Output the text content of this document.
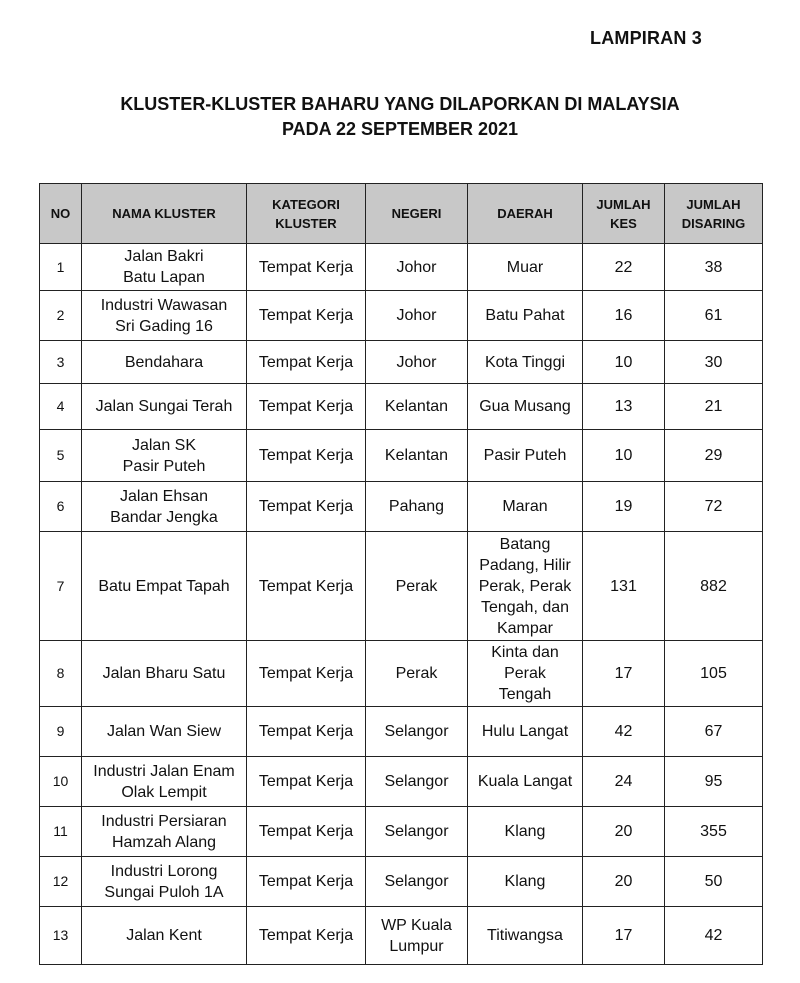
LAMPIRAN 3
KLUSTER-KLUSTER BAHARU YANG DILAPORKAN DI MALAYSIA
PADA 22 SEPTEMBER 2021
NO	NAMA KLUSTER	KATEGORI
KLUSTER	NEGERI	DAERAH	JUMLAH
KES	JUMLAH
DISARING

1	Jalan Bakri
Batu Lapan	Tempat Kerja	Johor	Muar	22	38
2	Industri Wawasan
Sri Gading 16	Tempat Kerja	Johor	Batu Pahat	16	61
3	Bendahara	Tempat Kerja	Johor	Kota Tinggi	10	30
4	Jalan Sungai Terah	Tempat Kerja	Kelantan	Gua Musang	13	21
5	Jalan SK
Pasir Puteh	Tempat Kerja	Kelantan	Pasir Puteh	10	29
6	Jalan Ehsan
Bandar Jengka	Tempat Kerja	Pahang	Maran	19	72
7	Batu Empat Tapah	Tempat Kerja	Perak	Batang
Padang, Hilir
Perak, Perak
Tengah, dan
Kampar	131	882
8	Jalan Bharu Satu	Tempat Kerja	Perak	Kinta dan
Perak
Tengah	17	105
9	Jalan Wan Siew	Tempat Kerja	Selangor	Hulu Langat	42	67
10	Industri Jalan Enam
Olak Lempit	Tempat Kerja	Selangor	Kuala Langat	24	95
11	Industri Persiaran
Hamzah Alang	Tempat Kerja	Selangor	Klang	20	355
12	Industri Lorong
Sungai Puloh 1A	Tempat Kerja	Selangor	Klang	20	50
13	Jalan Kent	Tempat Kerja	WP Kuala
Lumpur	Titiwangsa	17	42
